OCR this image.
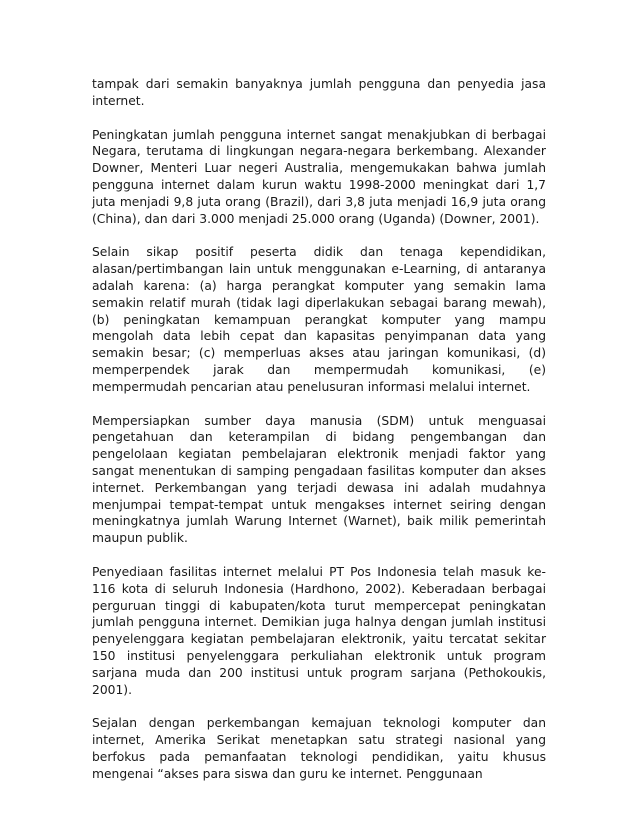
tampak dari semakin banyaknya jumlah pengguna dan penyedia jasa internet.

Peningkatan jumlah pengguna internet sangat menakjubkan di berbagai Negara, terutama di lingkungan negara-negara berkembang. Alexander Downer, Menteri Luar negeri Australia, mengemukakan bahwa jumlah pengguna internet dalam kurun waktu 1998-2000 meningkat dari 1,7 juta menjadi 9,8 juta orang (Brazil), dari 3,8 juta menjadi 16,9 juta orang (China), dan dari 3.000 menjadi 25.000 orang (Uganda) (Downer, 2001).

Selain sikap positif peserta didik dan tenaga kependidikan, alasan/pertimbangan lain untuk menggunakan e-Learning, di antaranya adalah karena: (a) harga perangkat komputer yang semakin lama semakin relatif murah (tidak lagi diperlakukan sebagai barang mewah), (b) peningkatan kemampuan perangkat komputer yang mampu mengolah data lebih cepat dan kapasitas penyimpanan data yang semakin besar; (c) memperluas akses atau jaringan komunikasi, (d) memperpendek jarak dan mempermudah komunikasi, (e) mempermudah pencarian atau penelusuran informasi melalui internet.

Mempersiapkan sumber daya manusia (SDM) untuk menguasai pengetahuan dan keterampilan di bidang pengembangan dan pengelolaan kegiatan pembelajaran elektronik menjadi faktor yang sangat menentukan di samping pengadaan fasilitas komputer dan akses internet. Perkembangan yang terjadi dewasa ini adalah mudahnya menjumpai tempat-tempat untuk mengakses internet seiring dengan meningkatnya jumlah Warung Internet (Warnet), baik milik pemerintah maupun publik.

Penyediaan fasilitas internet melalui PT Pos Indonesia telah masuk ke-116 kota di seluruh Indonesia (Hardhono, 2002). Keberadaan berbagai perguruan tinggi di kabupaten/kota turut mempercepat peningkatan jumlah pengguna internet. Demikian juga halnya dengan jumlah institusi penyelenggara kegiatan pembelajaran elektronik, yaitu tercatat sekitar 150 institusi penyelenggara perkuliahan elektronik untuk program sarjana muda dan 200 institusi untuk program sarjana (Pethokoukis, 2001).

Sejalan dengan perkembangan kemajuan teknologi komputer dan internet, Amerika Serikat menetapkan satu strategi nasional yang berfokus pada pemanfaatan teknologi pendidikan, yaitu khusus mengenai “akses para siswa dan guru ke internet. Penggunaan
